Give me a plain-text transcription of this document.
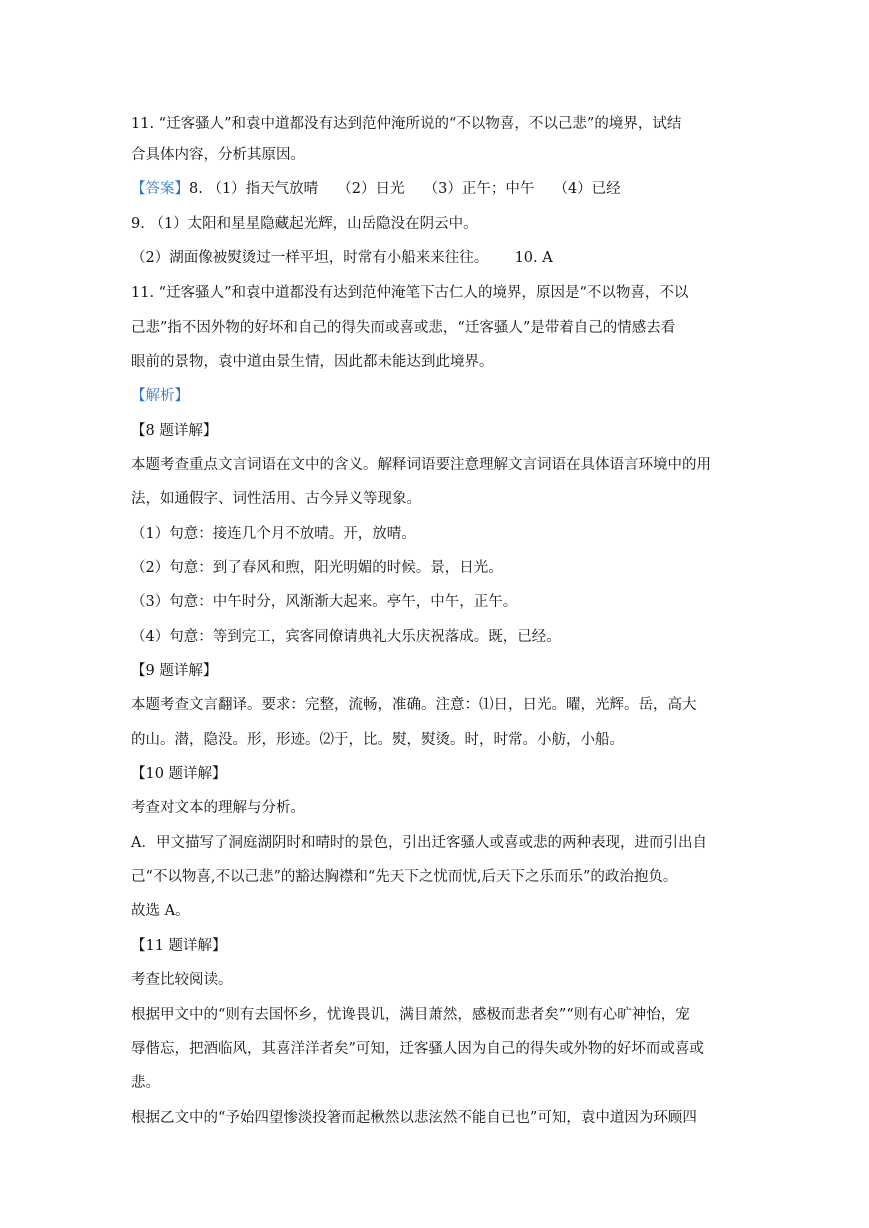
11. “迁客骚人”和袁中道都没有达到范仲淹所说的“不以物喜，不以己悲”的境界，试结
合具体内容，分析其原因。
【答案】8. （1）指天气放晴　 （2）日光　 （3）正午；中午　 （4）已经
9. （1）太阳和星星隐藏起光辉，山岳隐没在阴云中。
（2）湖面像被熨烫过一样平坦，时常有小船来来往往。　　 10. A
11. “迁客骚人”和袁中道都没有达到范仲淹笔下古仁人的境界，原因是“不以物喜，不以
己悲”指不因外物的好坏和自己的得失而或喜或悲，“迁客骚人”是带着自己的情感去看
眼前的景物，袁中道由景生情，因此都未能达到此境界。
【解析】
【8 题详解】
本题考查重点文言词语在文中的含义。解释词语要注意理解文言词语在具体语言环境中的用
法，如通假字、词性活用、古今异义等现象。
（1）句意：接连几个月不放晴。开，放晴。
（2）句意：到了春风和煦，阳光明媚的时候。景，日光。
（3）句意：中午时分，风渐渐大起来。亭午，中午，正午。
（4）句意：等到完工，宾客同僚请典礼大乐庆祝落成。既，已经。
【9 题详解】
本题考查文言翻译。要求：完整，流畅，准确。注意：⑴日，日光。曜，光辉。岳，高大
的山。潜，隐没。形，形迹。⑵于，比。熨，熨烫。时，时常。小舫，小船。
【10 题详解】
考查对文本的理解与分析。
A．甲文描写了洞庭湖阴时和晴时的景色，引出迁客骚人或喜或悲的两种表现，进而引出自
己“不以物喜,不以己悲”的豁达胸襟和“先天下之忧而忧,后天下之乐而乐”的政治抱负。
故选 A。
【11 题详解】
考查比较阅读。
根据甲文中的“则有去国怀乡，忧谗畏讥，满目萧然，感极而悲者矣”“则有心旷神怡，宠
辱偕忘，把酒临风，其喜洋洋者矣”可知，迁客骚人因为自己的得失或外物的好坏而或喜或
悲。
根据乙文中的“予始四望惨淡投箸而起楸然以悲泫然不能自已也”可知，袁中道因为环顾四
